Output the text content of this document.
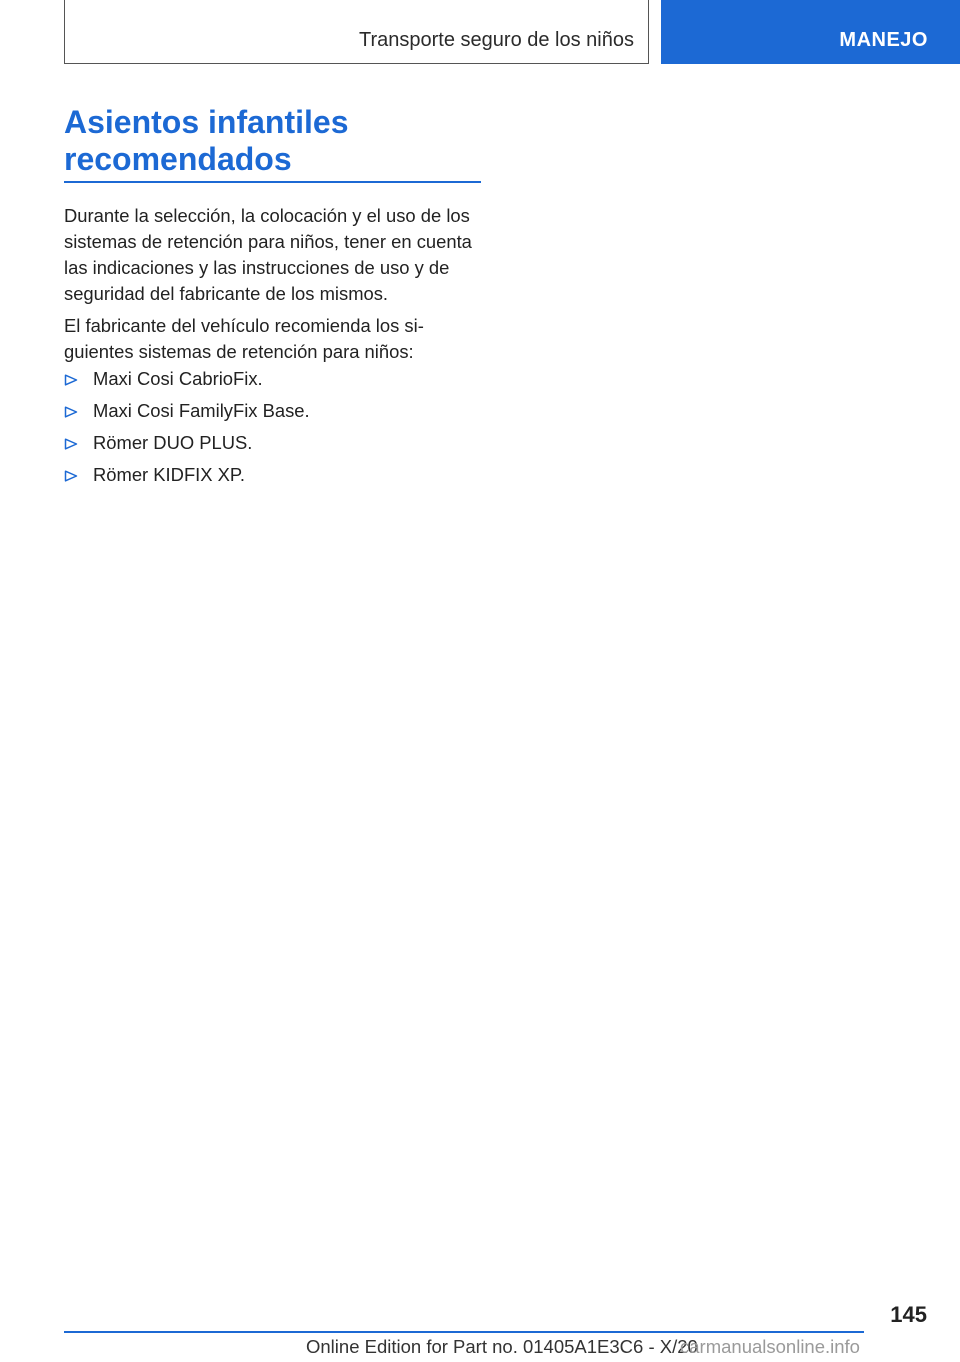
Transporte seguro de los niños	MANEJO
Asientos infantiles
recomendados

Durante la selección, la colocación y el uso de los sistemas de retención para niños, tener en cuenta las indicaciones y las instrucciones de uso y de seguridad del fabricante de los mismos.

El fabricante del vehículo recomienda los siguientes sistemas de retención para niños:

Maxi Cosi CabrioFix.
Maxi Cosi FamilyFix Base.
Römer DUO PLUS.
Römer KIDFIX XP.
145
Online Edition for Part no. 01405A1E3C6 - X/20
carmanualsonline.info
